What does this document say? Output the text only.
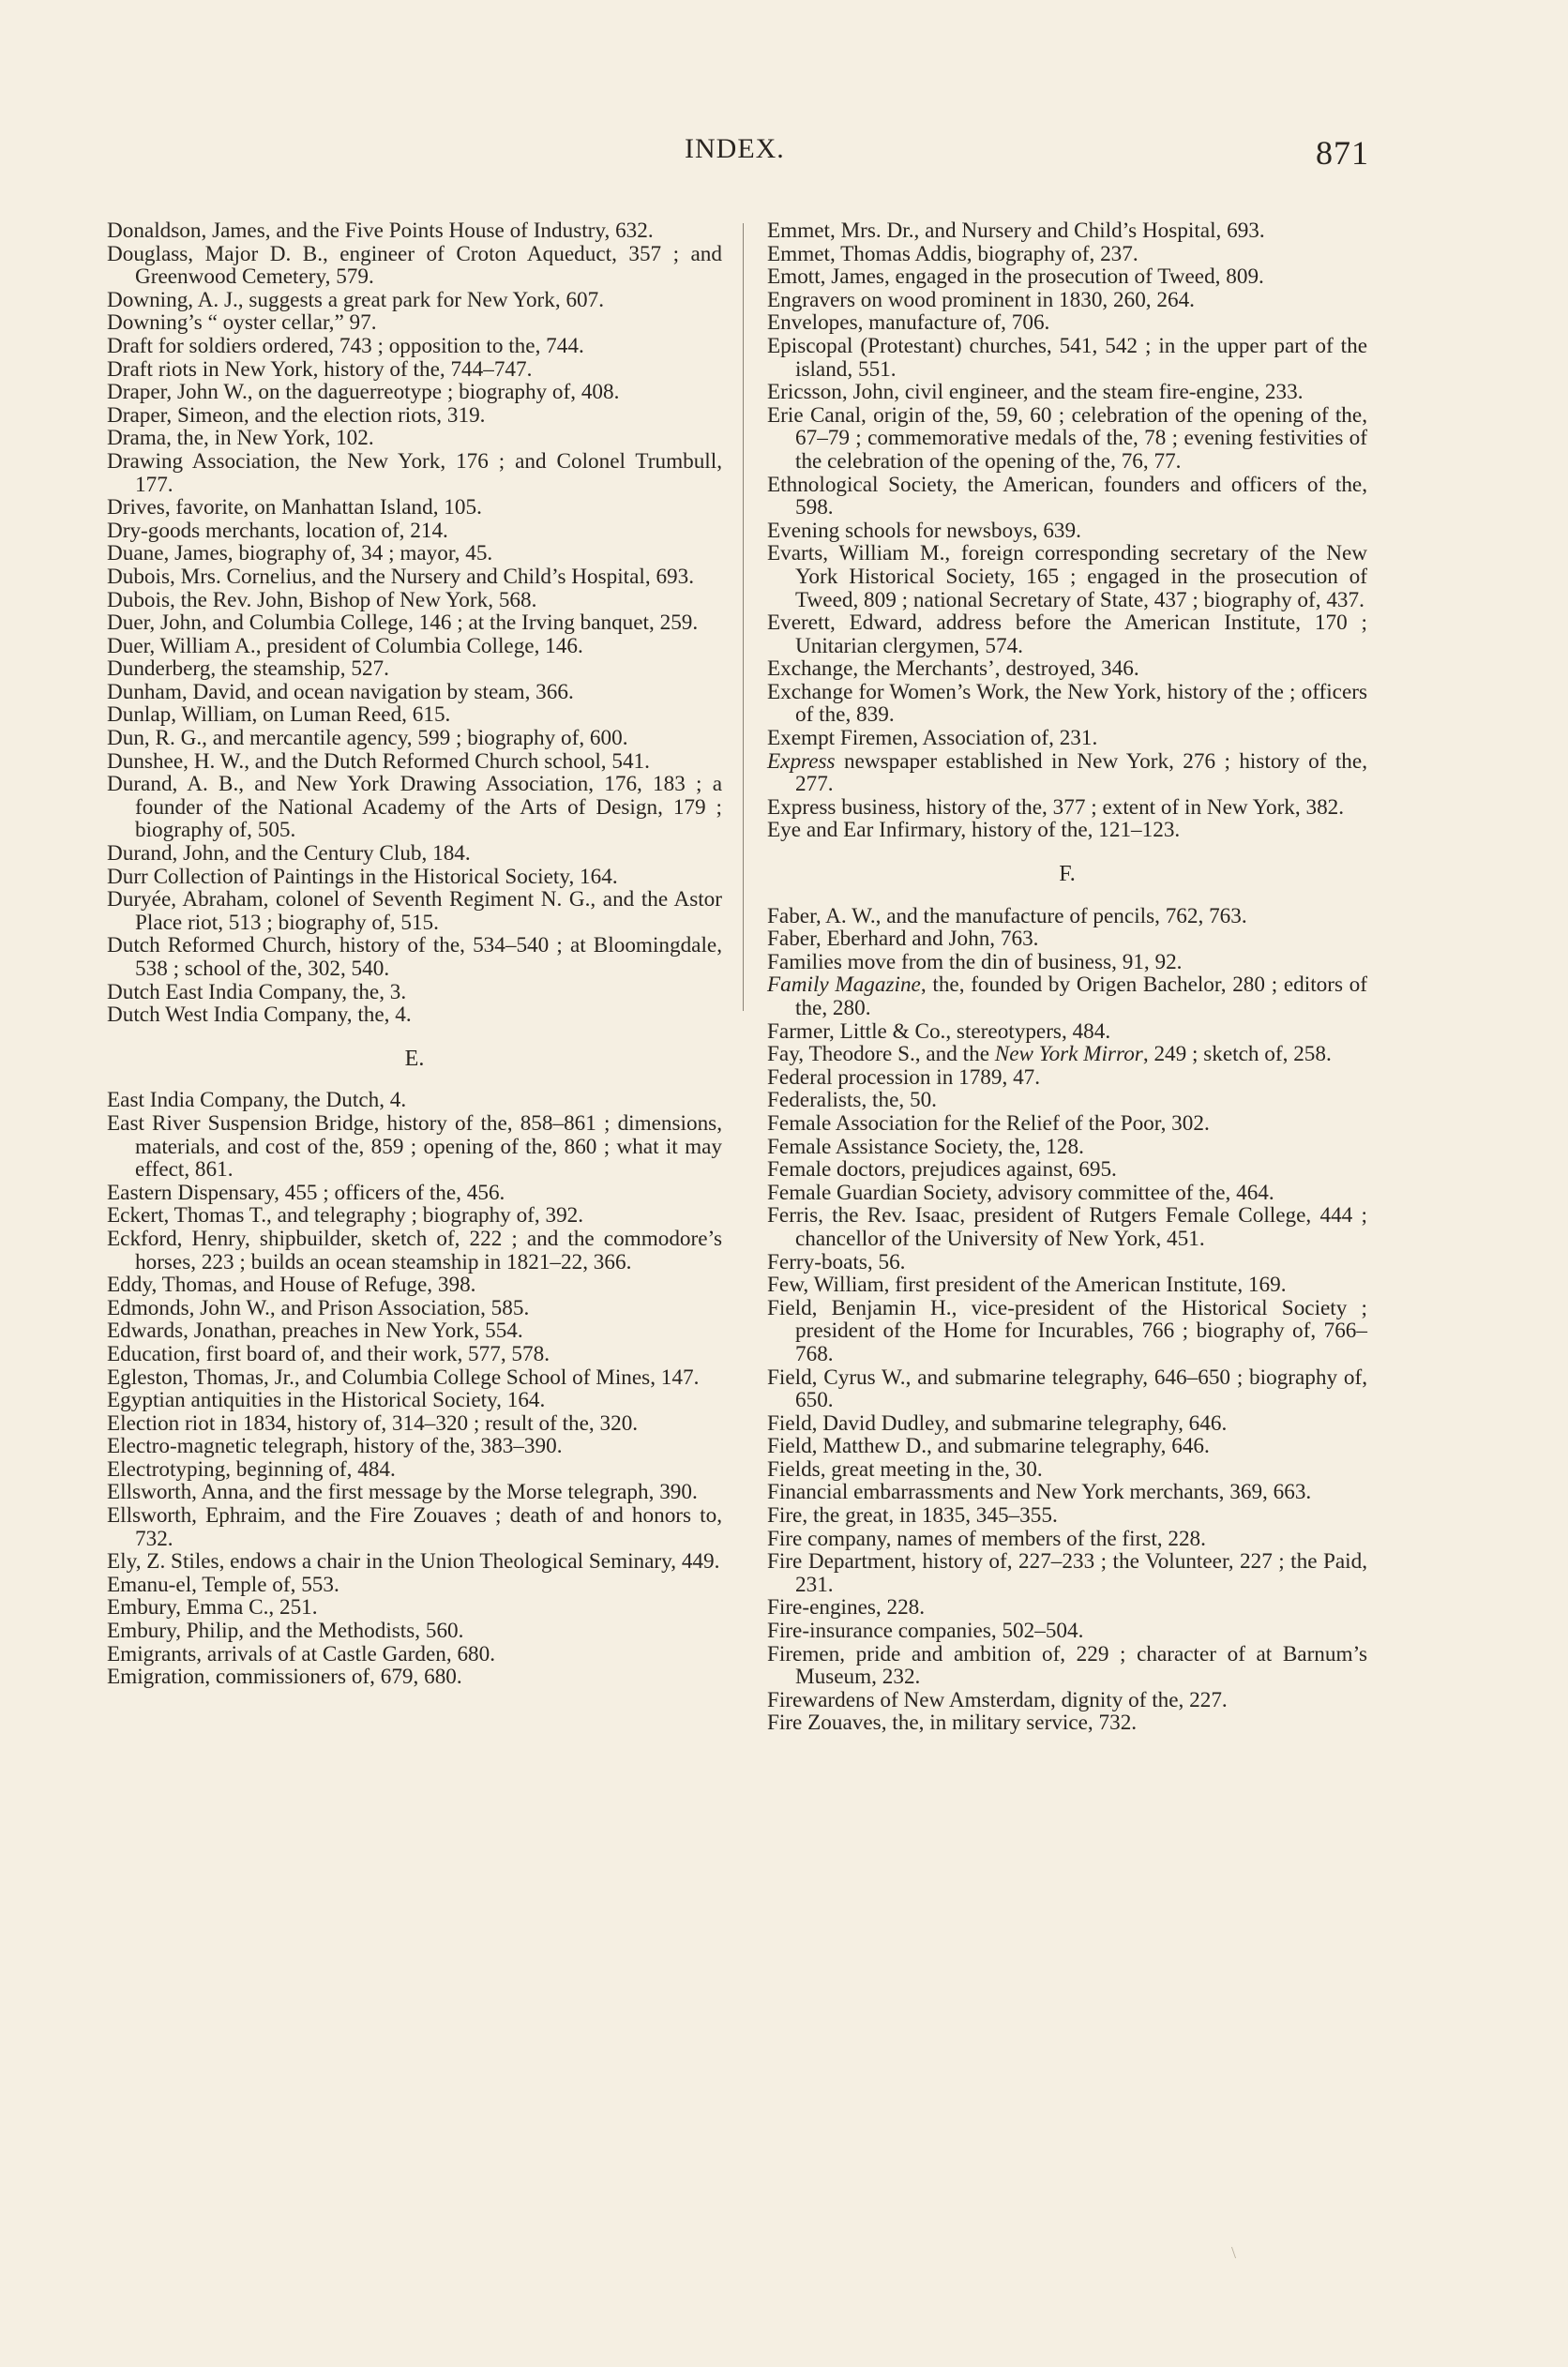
INDEX.	871

Donaldson, James, and the Five Points House of Industry, 632.

Douglass, Major D. B., engineer of Croton Aqueduct, 357 ; and Greenwood Cemetery, 579.

Downing, A. J., suggests a great park for New York, 607.

Downing’s “ oyster cellar,” 97.

Draft for soldiers ordered, 743 ; opposition to the, 744.

Draft riots in New York, history of the, 744–747.

Draper, John W., on the daguerreotype ; biography of, 408.

Draper, Simeon, and the election riots, 319.

Drama, the, in New York, 102.

Drawing Association, the New York, 176 ; and Colonel Trumbull, 177.

Drives, favorite, on Manhattan Island, 105.

Dry-goods merchants, location of, 214.

Duane, James, biography of, 34 ; mayor, 45.

Dubois, Mrs. Cornelius, and the Nursery and Child’s Hospital, 693.

Dubois, the Rev. John, Bishop of New York, 568.

Duer, John, and Columbia College, 146 ; at the Irving banquet, 259.

Duer, William A., president of Columbia College, 146.

Dunderberg, the steamship, 527.

Dunham, David, and ocean navigation by steam, 366.

Dunlap, William, on Luman Reed, 615.

Dun, R. G., and mercantile agency, 599 ; biography of, 600.

Dunshee, H. W., and the Dutch Reformed Church school, 541.

Durand, A. B., and New York Drawing Association, 176, 183 ; a founder of the National Academy of the Arts of Design, 179 ; biography of, 505.

Durand, John, and the Century Club, 184.

Durr Collection of Paintings in the Historical Society, 164.

Duryée, Abraham, colonel of Seventh Regiment N. G., and the Astor Place riot, 513 ; biography of, 515.

Dutch Reformed Church, history of the, 534–540 ; at Bloomingdale, 538 ; school of the, 302, 540.

Dutch East India Company, the, 3.

Dutch West India Company, the, 4.

E.

East India Company, the Dutch, 4.

East River Suspension Bridge, history of the, 858–861 ; dimensions, materials, and cost of the, 859 ; opening of the, 860 ; what it may effect, 861.

Eastern Dispensary, 455 ; officers of the, 456.

Eckert, Thomas T., and telegraphy ; biography of, 392.

Eckford, Henry, shipbuilder, sketch of, 222 ; and the commodore’s horses, 223 ; builds an ocean steamship in 1821–22, 366.

Eddy, Thomas, and House of Refuge, 398.

Edmonds, John W., and Prison Association, 585.

Edwards, Jonathan, preaches in New York, 554.

Education, first board of, and their work, 577, 578.

Egleston, Thomas, Jr., and Columbia College School of Mines, 147.

Egyptian antiquities in the Historical Society, 164.

Election riot in 1834, history of, 314–320 ; result of the, 320.

Electro-magnetic telegraph, history of the, 383–390.

Electrotyping, beginning of, 484.

Ellsworth, Anna, and the first message by the Morse telegraph, 390.

Ellsworth, Ephraim, and the Fire Zouaves ; death of and honors to, 732.

Ely, Z. Stiles, endows a chair in the Union Theological Seminary, 449.

Emanu-el, Temple of, 553.

Embury, Emma C., 251.

Embury, Philip, and the Methodists, 560.

Emigrants, arrivals of at Castle Garden, 680.

Emigration, commissioners of, 679, 680.

Emmet, Mrs. Dr., and Nursery and Child’s Hospital, 693.

Emmet, Thomas Addis, biography of, 237.

Emott, James, engaged in the prosecution of Tweed, 809.

Engravers on wood prominent in 1830, 260, 264.

Envelopes, manufacture of, 706.

Episcopal (Protestant) churches, 541, 542 ; in the upper part of the island, 551.

Ericsson, John, civil engineer, and the steam fire-engine, 233.

Erie Canal, origin of the, 59, 60 ; celebration of the opening of the, 67–79 ; commemorative medals of the, 78 ; evening festivities of the celebration of the opening of the, 76, 77.

Ethnological Society, the American, founders and officers of the, 598.

Evening schools for newsboys, 639.

Evarts, William M., foreign corresponding secretary of the New York Historical Society, 165 ; engaged in the prosecution of Tweed, 809 ; national Secretary of State, 437 ; biography of, 437.

Everett, Edward, address before the American Institute, 170 ; Unitarian clergymen, 574.

Exchange, the Merchants’, destroyed, 346.

Exchange for Women’s Work, the New York, history of the ; officers of the, 839.

Exempt Firemen, Association of, 231.

Express newspaper established in New York, 276 ; history of the, 277.

Express business, history of the, 377 ; extent of in New York, 382.

Eye and Ear Infirmary, history of the, 121–123.

F.

Faber, A. W., and the manufacture of pencils, 762, 763.

Faber, Eberhard and John, 763.

Families move from the din of business, 91, 92.

Family Magazine, the, founded by Origen Bachelor, 280 ; editors of the, 280.

Farmer, Little & Co., stereotypers, 484.

Fay, Theodore S., and the New York Mirror, 249 ; sketch of, 258.

Federal procession in 1789, 47.

Federalists, the, 50.

Female Association for the Relief of the Poor, 302.

Female Assistance Society, the, 128.

Female doctors, prejudices against, 695.

Female Guardian Society, advisory committee of the, 464.

Ferris, the Rev. Isaac, president of Rutgers Female College, 444 ; chancellor of the University of New York, 451.

Ferry-boats, 56.

Few, William, first president of the American Institute, 169.

Field, Benjamin H., vice-president of the Historical Society ; president of the Home for Incurables, 766 ; biography of, 766–768.

Field, Cyrus W., and submarine telegraphy, 646–650 ; biography of, 650.

Field, David Dudley, and submarine telegraphy, 646.

Field, Matthew D., and submarine telegraphy, 646.

Fields, great meeting in the, 30.

Financial embarrassments and New York merchants, 369, 663.

Fire, the great, in 1835, 345–355.

Fire company, names of members of the first, 228.

Fire Department, history of, 227–233 ; the Volunteer, 227 ; the Paid, 231.

Fire-engines, 228.

Fire-insurance companies, 502–504.

Firemen, pride and ambition of, 229 ; character of at Barnum’s Museum, 232.

Firewardens of New Amsterdam, dignity of the, 227.

Fire Zouaves, the, in military service, 732.

\
